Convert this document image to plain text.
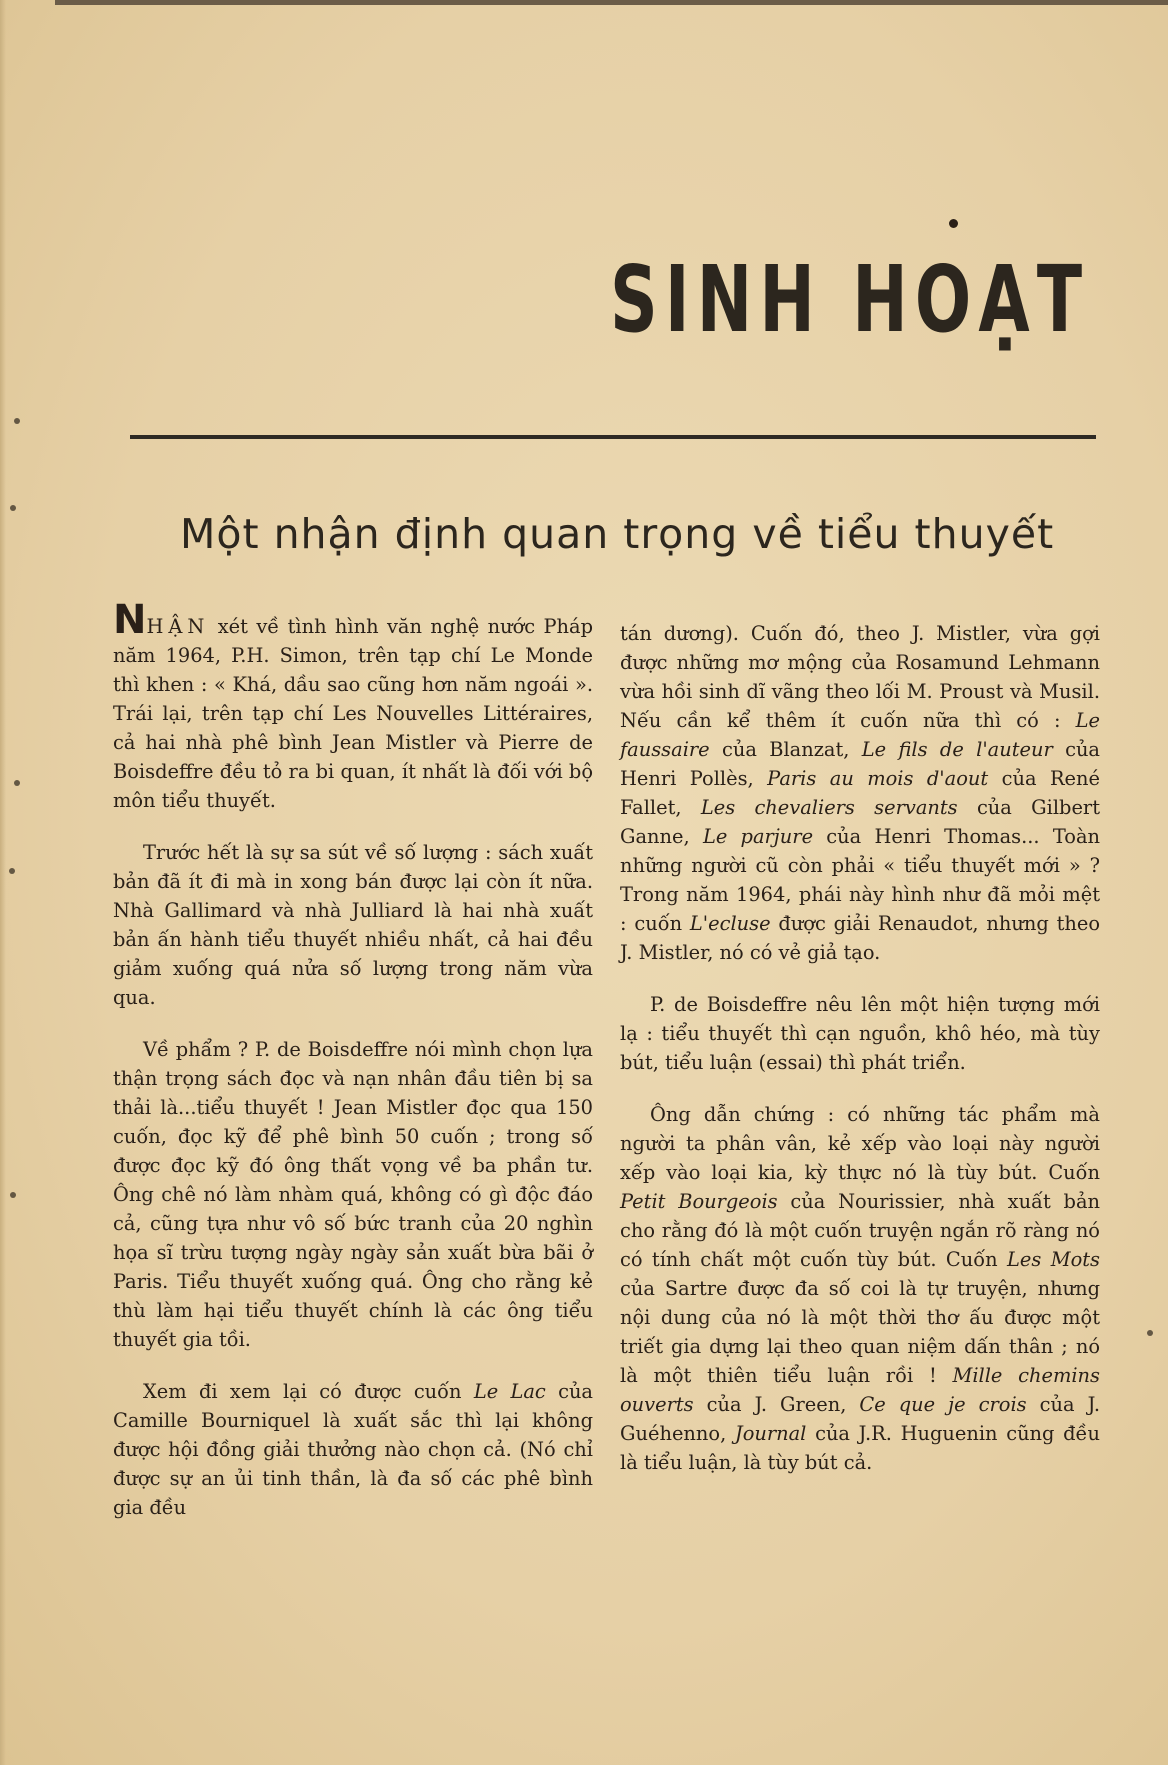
SINH HOẠT
Một nhận định quan trọng về tiểu thuyết

NHẬN xét về tình hình văn nghệ nước Pháp năm 1964, P.H. Simon, trên tạp chí Le Monde thì khen : « Khá, dầu sao cũng hơn năm ngoái ». Trái lại, trên tạp chí Les Nouvelles Littéraires, cả hai nhà phê bình Jean Mistler và Pierre de Boisdeffre đều tỏ ra bi quan, ít nhất là đối với bộ môn tiểu thuyết.

Trước hết là sự sa sút về số lượng : sách xuất bản đã ít đi mà in xong bán được lại còn ít nữa. Nhà Gallimard và nhà Julliard là hai nhà xuất bản ấn hành tiểu thuyết nhiều nhất, cả hai đều giảm xuống quá nửa số lượng trong năm vừa qua.

Về phẩm ? P. de Boisdeffre nói mình chọn lựa thận trọng sách đọc và nạn nhân đầu tiên bị sa thải là...tiểu thuyết ! Jean Mistler đọc qua 150 cuốn, đọc kỹ để phê bình 50 cuốn ; trong số được đọc kỹ đó ông thất vọng về ba phần tư. Ông chê nó làm nhàm quá, không có gì độc đáo cả, cũng tựa như vô số bức tranh của 20 nghìn họa sĩ trừu tượng ngày ngày sản xuất bừa bãi ở Paris. Tiểu thuyết xuống quá. Ông cho rằng kẻ thù làm hại tiểu thuyết chính là các ông tiểu thuyết gia tồi.

Xem đi xem lại có được cuốn Le Lac của Camille Bourniquel là xuất sắc thì lại không được hội đồng giải thưởng nào chọn cả. (Nó chỉ được sự an ủi tinh thần, là đa số các phê bình gia đều

tán dương). Cuốn đó, theo J. Mistler, vừa gợi được những mơ mộng của Rosamund Lehmann vừa hồi sinh dĩ vãng theo lối M. Proust và Musil. Nếu cần kể thêm ít cuốn nữa thì có : Le faussaire của Blanzat, Le fils de l'auteur của Henri Pollès, Paris au mois d'aout của René Fallet, Les chevaliers servants của Gilbert Ganne, Le parjure của Henri Thomas... Toàn những người cũ còn phải « tiểu thuyết mới » ? Trong năm 1964, phái này hình như đã mỏi mệt : cuốn L'ecluse được giải Renaudot, nhưng theo J. Mistler, nó có vẻ giả tạo.

P. de Boisdeffre nêu lên một hiện tượng mới lạ : tiểu thuyết thì cạn nguồn, khô héo, mà tùy bút, tiểu luận (essai) thì phát triển.

Ông dẫn chứng : có những tác phẩm mà người ta phân vân, kẻ xếp vào loại này người xếp vào loại kia, kỳ thực nó là tùy bút. Cuốn Petit Bourgeois của Nourissier, nhà xuất bản cho rằng đó là một cuốn truyện ngắn rõ ràng nó có tính chất một cuốn tùy bút. Cuốn Les Mots của Sartre được đa số coi là tự truyện, nhưng nội dung của nó là một thời thơ ấu được một triết gia dựng lại theo quan niệm dấn thân ; nó là một thiên tiểu luận rồi ! Mille chemins ouverts của J. Green, Ce que je crois của J. Guéhenno, Journal của J.R. Huguenin cũng đều là tiểu luận, là tùy bút cả.
